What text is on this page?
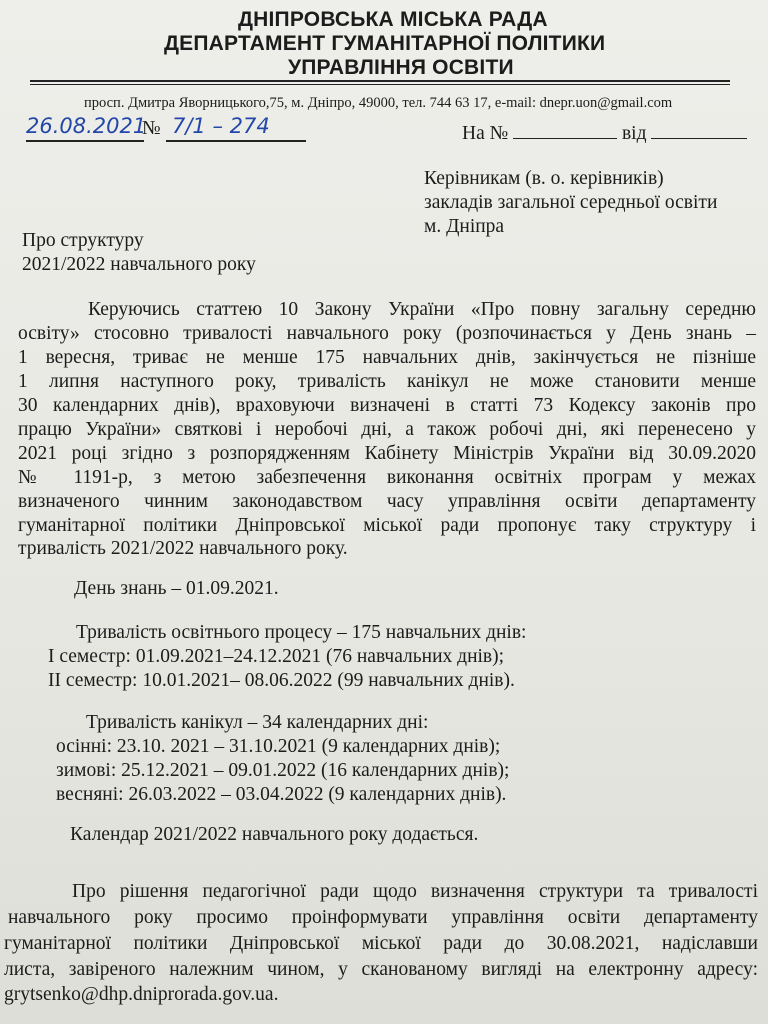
ДНІПРОВСЬКА МІСЬКА РАДА
ДЕПАРТАМЕНТ ГУМАНІТАРНОЇ ПОЛІТИКИ
УПРАВЛІННЯ ОСВІТИ
просп. Дмитра Яворницького,75, м. Дніпро, 49000, тел. 744 63 17, e-mail: dnepr.uon@gmail.com
26.08.2021
№ 7/1 – 274	На №	від
Керівникам (в. о. керівників)
закладів загальної середньої освіти
м. Дніпра
Про структуру
2021/2022 навчального року
Керуючись статтею 10 Закону України «Про повну загальну середню
освіту» стосовно тривалості навчального року (розпочинається у День знань –
1 вересня, триває не менше 175 навчальних днів, закінчується не пізніше
1 липня наступного року, тривалість канікул не може становити менше
30 календарних днів), враховуючи визначені в статті 73 Кодексу законів про
працю України» святкові і неробочі дні, а також робочі дні, які перенесено у
2021 році згідно з розпорядженням Кабінету Міністрів України від 30.09.2020
№ 1191-р, з метою забезпечення виконання освітніх програм у межах
визначеного чинним законодавством часу управління освіти департаменту
гуманітарної політики Дніпровської міської ради пропонує таку структуру і
тривалість 2021/2022 навчального року.
День знань – 01.09.2021.
Тривалість освітнього процесу – 175 навчальних днів:
I семестр: 01.09.2021–24.12.2021 (76 навчальних днів);
II семестр: 10.01.2021– 08.06.2022 (99 навчальних днів).
Тривалість канікул – 34 календарних дні:
осінні: 23.10. 2021 – 31.10.2021 (9 календарних днів);
зимові: 25.12.2021 – 09.01.2022 (16 календарних днів);
весняні: 26.03.2022 – 03.04.2022 (9 календарних днів).
Календар 2021/2022 навчального року додається.
Про рішення педагогічної ради щодо визначення структури та тривалості
навчального року просимо проінформувати управління освіти департаменту
гуманітарної політики Дніпровської міської ради до 30.08.2021, надіславши
листа, завіреного належним чином, у сканованому вигляді на електронну адресу:
grytsenko@dhp.dniprorada.gov.ua.
